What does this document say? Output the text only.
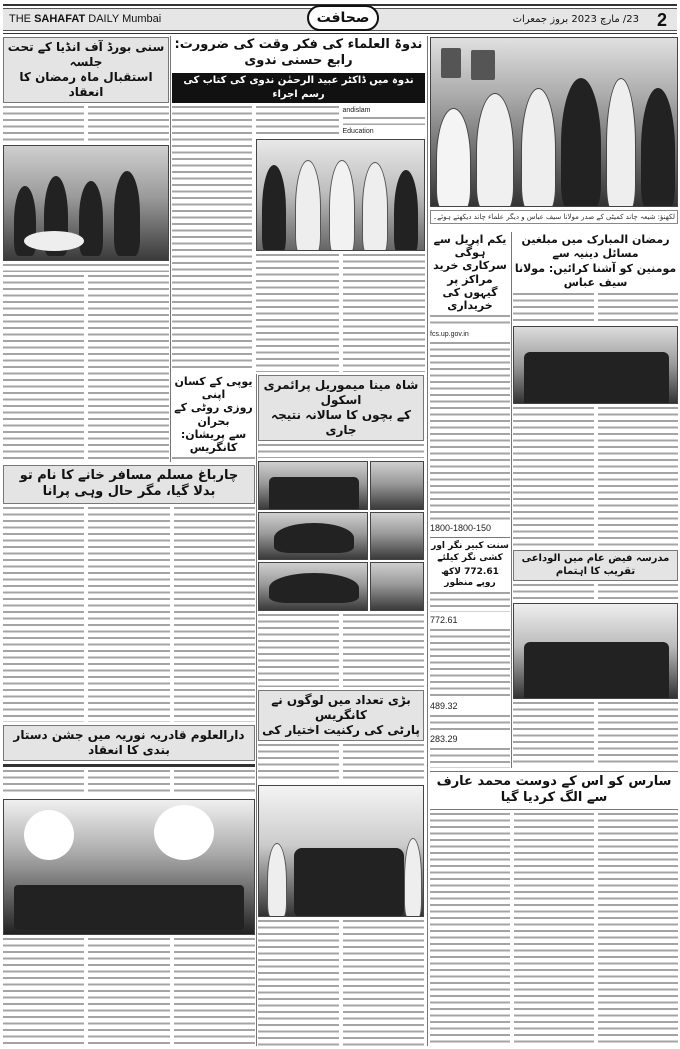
THE SAHAFAT DAILY Mumbai	صحافت	23/ مارچ 2023 بروز جمعرات 2
سنی بورڈ آف انڈیا کے تحت جلسہ
استقبال ماہ رمضان کا انعقاد
ندوۃ العلماء کی فکر وقت کی ضرورت: رابع حسنی ندوی
ندوہ میں ڈاکٹر عبید الرحمٰن ندوی کی کتاب کی رسم اجراء
andislam
Education
یوپی کے کسان اپنی
روزی روٹی کے بحران
سے پریشان: کانگریس
چارباغ مسلم مسافر خانے کا نام تو
بدلا گیا، مگر حال وہی پرانا
دارالعلوم قادریہ نوریہ میں جشن دستار بندی کا انعقاد
شاہ مینا میموریل پرائمری اسکول
کے بچوں کا سالانہ نتیجہ جاری
بڑی تعداد میں لوگوں نے کانگریس
پارٹی کی رکنیت اختیار کی
لکھنؤ: شیعہ چاند کمیٹی کے صدر مولانا سیف عباس و دیگر علماء چاند دیکھتے ہوئے۔
یکم اپریل سے ہوگی
سرکاری خرید مراکز پر
گیہوں کی خریداری
fcs.up.gov.in
1800-1800-150
سنت کبیر نگر اور کشی نگر کیلئے
772.61 لاکھ روپے منظور
772.61
489.32
283.29
رمضان المبارک میں مبلغین مسائل دینیہ سے
مومنین کو آشنا کرائیں: مولانا سیف عباس
مدرسہ فیض عام میں الوداعی تقریب کا اہتمام
سارس کو اس کے دوست محمد عارف سے الگ کردیا گیا
